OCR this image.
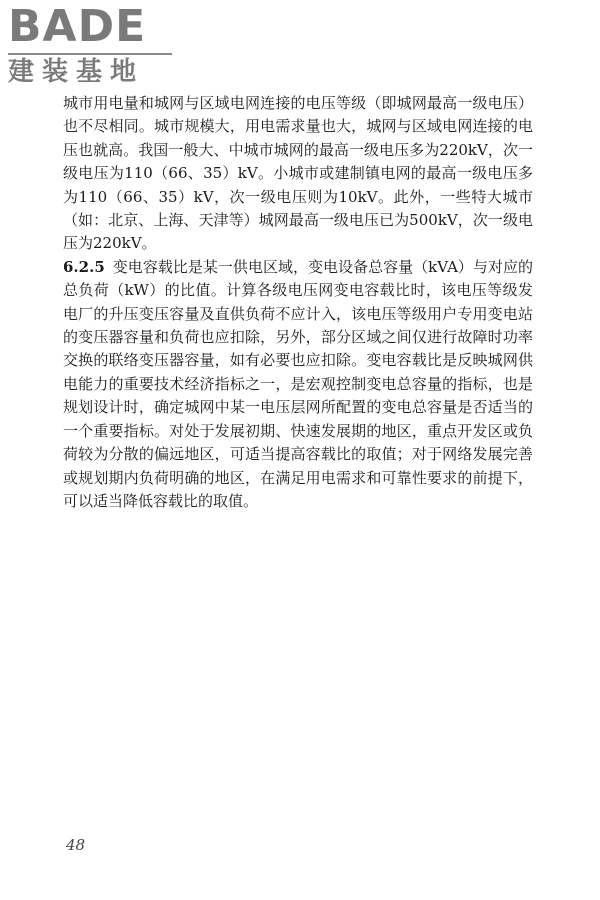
BADE
建装基地

城市用电量和城网与区域电网连接的电压等级（即城网最高一级电压）也不尽相同。城市规模大，用电需求量也大，城网与区域电网连接的电压也就高。我国一般大、中城市城网的最高一级电压多为220kV，次一级电压为110（66、35）kV。小城市或建制镇电网的最高一级电压多为110（66、35）kV，次一级电压则为10kV。此外，一些特大城市（如：北京、上海、天津等）城网最高一级电压已为500kV，次一级电压为220kV。

6.2.5 变电容载比是某一供电区域，变电设备总容量（kVA）与对应的总负荷（kW）的比值。计算各级电压网变电容载比时，该电压等级发电厂的升压变压容量及直供负荷不应计入，该电压等级用户专用变电站的变压器容量和负荷也应扣除，另外，部分区域之间仅进行故障时功率交换的联络变压器容量，如有必要也应扣除。变电容载比是反映城网供电能力的重要技术经济指标之一，是宏观控制变电总容量的指标，也是规划设计时，确定城网中某一电压层网所配置的变电总容量是否适当的一个重要指标。对处于发展初期、快速发展期的地区，重点开发区或负荷较为分散的偏远地区，可适当提高容载比的取值；对于网络发展完善或规划期内负荷明确的地区，在满足用电需求和可靠性要求的前提下，可以适当降低容载比的取值。

48
